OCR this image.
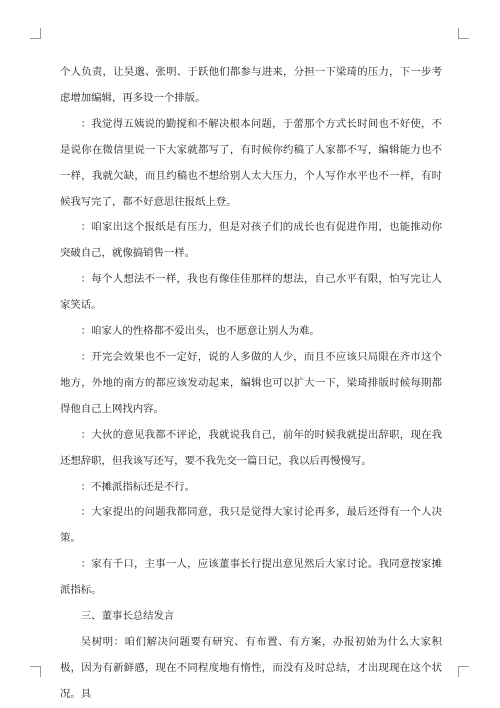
个人负责，让昊邈、张明、于跃他们都参与进来，分担一下梁琦的压力，下一步考虑增加编辑，再多设一个排版。

：我觉得五姨说的勤搅和不解决根本问题，于蕾那个方式长时间也不好使，不是说你在微信里说一下大家就都写了，有时候你约稿了人家都不写，编辑能力也不一样，我就欠缺，而且约稿也不想给别人太大压力，个人写作水平也不一样，有时候我写完了，都不好意思往报纸上登。

：咱家出这个报纸是有压力，但是对孩子们的成长也有促进作用，也能推动你突破自己，就像搞销售一样。

：每个人想法不一样，我也有像佳佳那样的想法，自己水平有限，怕写完让人家笑话。

：咱家人的性格都不爱出头，也不愿意让别人为难。

：开完会效果也不一定好，说的人多做的人少，而且不应该只局限在齐市这个地方，外地的南方的都应该发动起来，编辑也可以扩大一下，梁琦排版时候每期都得他自己上网找内容。

：大伙的意见我都不评论，我就说我自己，前年的时候我就提出辞职，现在我还想辞职，但我该写还写，要不我先交一篇日记，我以后再慢慢写。

：不摊派指标还是不行。

：大家提出的问题我都同意，我只是觉得大家讨论再多，最后还得有一个人决策。

：家有千口，主事一人，应该董事长行提出意见然后大家讨论。我同意按家摊派指标。

三、董事长总结发言

吴树明：咱们解决问题要有研究、有布置、有方案，办报初始为什么大家积极，因为有新鲜感，现在不同程度地有惰性，而没有及时总结，才出现现在这个状况。具
